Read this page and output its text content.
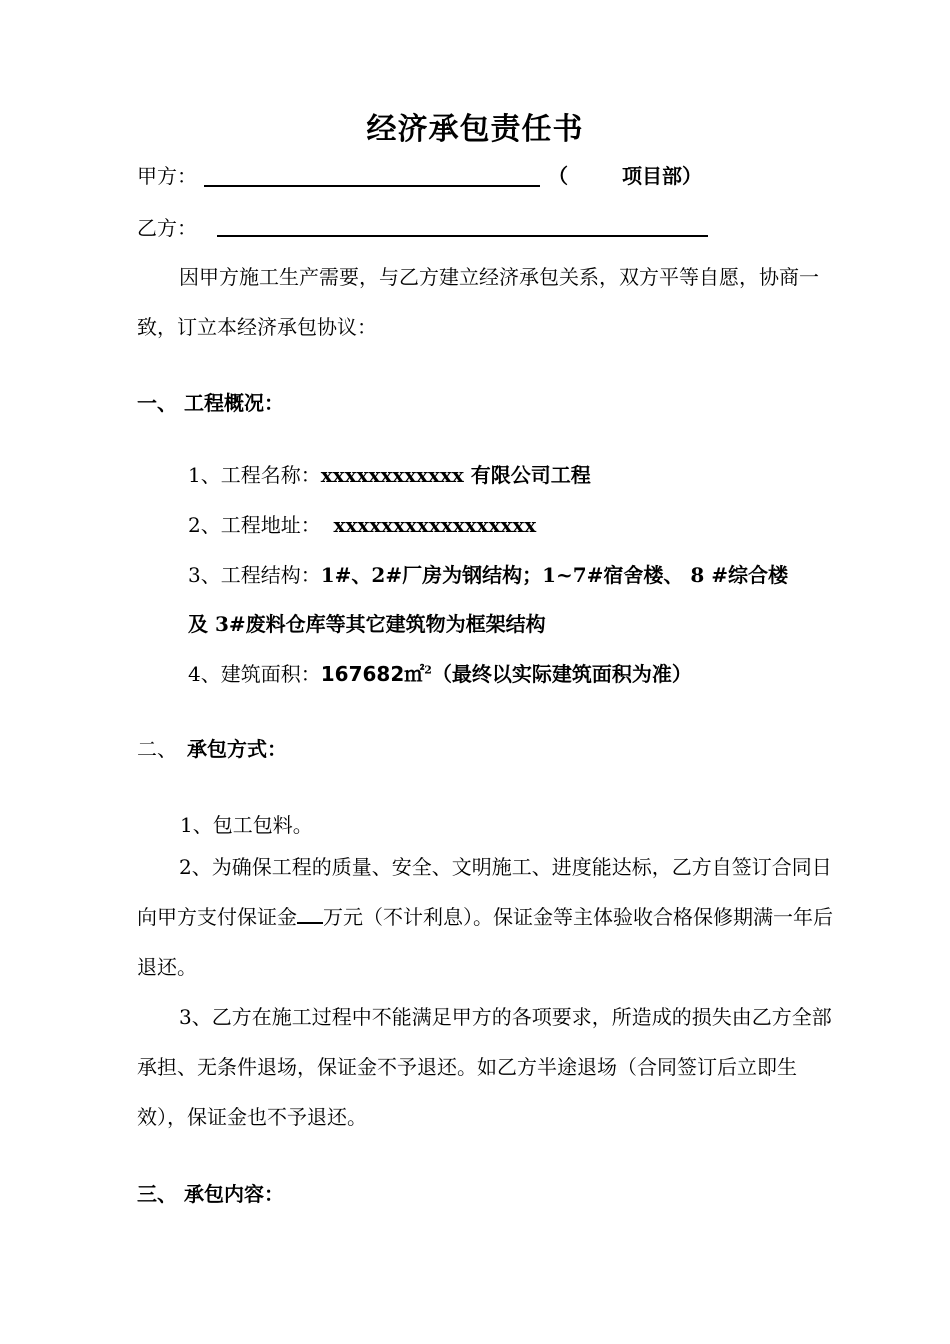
经济承包责任书
甲方：	（	项目部）
乙方：
因甲方施工生产需要，与乙方建立经济承包关系，双方平等自愿，协商一致，订立本经济承包协议：
一、 工程概况：
1、工程名称：xxxxxxxxxxxx 有限公司工程
2、工程地址： xxxxxxxxxxxxxxxxx
3、工程结构：1#、2#厂房为钢结构；1~7#宿舍楼、 8 #综合楼
及 3#废料仓库等其它建筑物为框架结构
4、建筑面积：167682㎡$^2$（最终以实际建筑面积为准）
二、 承包方式：
1、包工包料。
2、为确保工程的质量、安全、文明施工、进度能达标，乙方自签订合同日向甲方支付保证金 万元（不计利息）。保证金等主体验收合格保修期满一年后退还。
3、乙方在施工过程中不能满足甲方的各项要求，所造成的损失由乙方全部承担、无条件退场，保证金不予退还。如乙方半途退场（合同签订后立即生效），保证金也不予退还。
三、 承包内容：
